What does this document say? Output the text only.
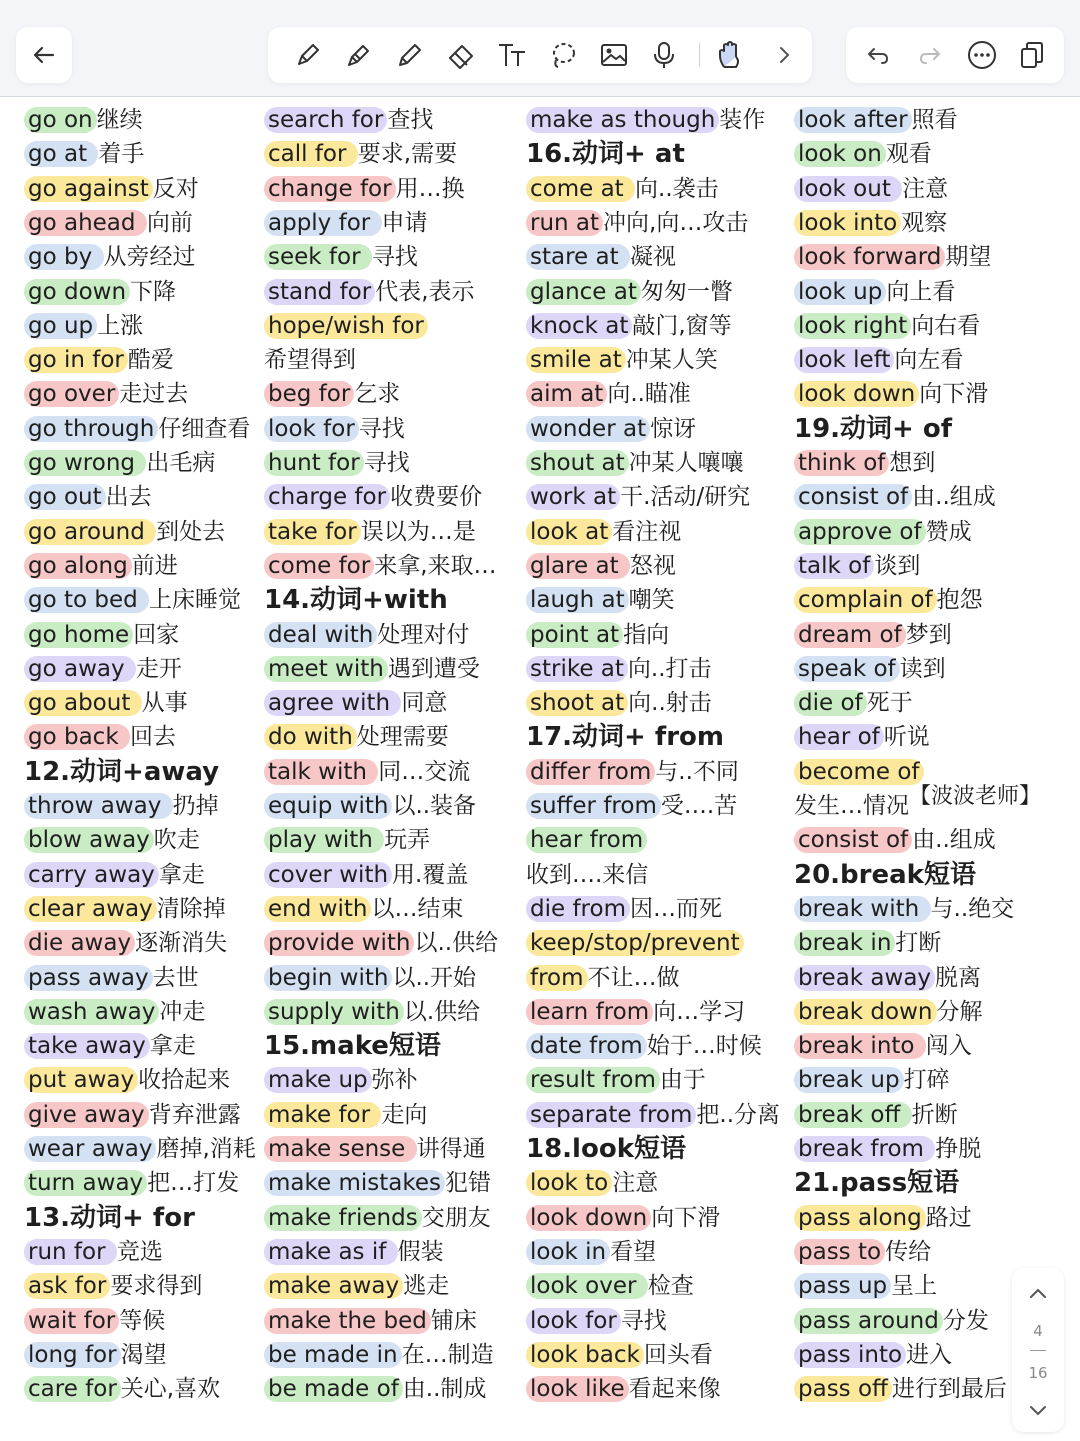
go on 继续
go at 着手
go against 反对
go ahead 向前
go by 从旁经过
go down 下降
go up 上涨
go in for 酷爱
go over 走过去
go through 仔细查看
go wrong 出毛病
go out 出去
go around 到处去
go along 前进
go to bed 上床睡觉
go home 回家
go away 走开
go about 从事
go back 回去
12.动词+away
throw away 扔掉
blow away 吹走
carry away 拿走
clear away 清除掉
die away 逐渐消失
pass away 去世
wash away 冲走
take away 拿走
put away 收拾起来
give away 背弃泄露
wear away 磨掉,消耗
turn away 把…打发
13.动词+ for
run for 竞选
ask for 要求得到
wait for 等候
long for 渴望
care for 关心,喜欢
search for 查找
call for 要求,需要
change for 用…换
apply for 申请
seek for 寻找
stand for 代表,表示
hope/wish for
希望得到
beg for 乞求
look for 寻找
hunt for 寻找
charge for 收费要价
take for 误以为…是
come for 来拿,来取…
14.动词+with
deal with 处理对付
meet with 遇到遭受
agree with 同意
do with 处理需要
talk with 同…交流
equip with 以..装备
play with 玩弄
cover with 用.覆盖
end with 以…结束
provide with 以..供给
begin with 以..开始
supply with 以.供给
15.make短语
make up 弥补
make for 走向
make sense 讲得通
make mistakes 犯错
make friends 交朋友
make as if 假装
make away 逃走
make the bed 铺床
be made in 在…制造
be made of 由..制成
make as though 装作
16.动词+ at
come at 向..袭击
run at 冲向,向…攻击
stare at 凝视
glance at 匆匆一瞥
knock at 敲门,窗等
smile at 冲某人笑
aim at 向..瞄准
wonder at 惊讶
shout at 冲某人嚷嚷
work at 干.活动/研究
look at 看注视
glare at 怒视
laugh at 嘲笑
point at 指向
strike at 向..打击
shoot at 向..射击
17.动词+ from
differ from 与..不同
suffer from 受….苦
hear from
收到….来信
die from 因…而死
keep/stop/prevent
from 不让…做
learn from 向…学习
date from 始于…时候
result from 由于
separate from 把..分离
18.look短语
look to 注意
look down 向下滑
look in 看望
look over 检查
look for 寻找
look back 回头看
look like 看起来像
look after 照看
look on 观看
look out 注意
look into 观察
look forward 期望
look up 向上看
look right 向右看
look left 向左看
look down 向下滑
19.动词+ of
think of 想到
consist of 由..组成
approve of 赞成
talk of 谈到
complain of 抱怨
dream of 梦到
speak of 读到
die of 死于
hear of 听说
become of
发生…情况【波波老师】
consist of 由..组成
20.break短语
break with 与..绝交
break in 打断
break away 脱离
break down 分解
break into 闯入
break up 打碎
break off 折断
break from 挣脱
21.pass短语
pass along 路过
pass to 传给
pass up 呈上
pass around 分发
pass into 进入
pass off 进行到最后
4
16
